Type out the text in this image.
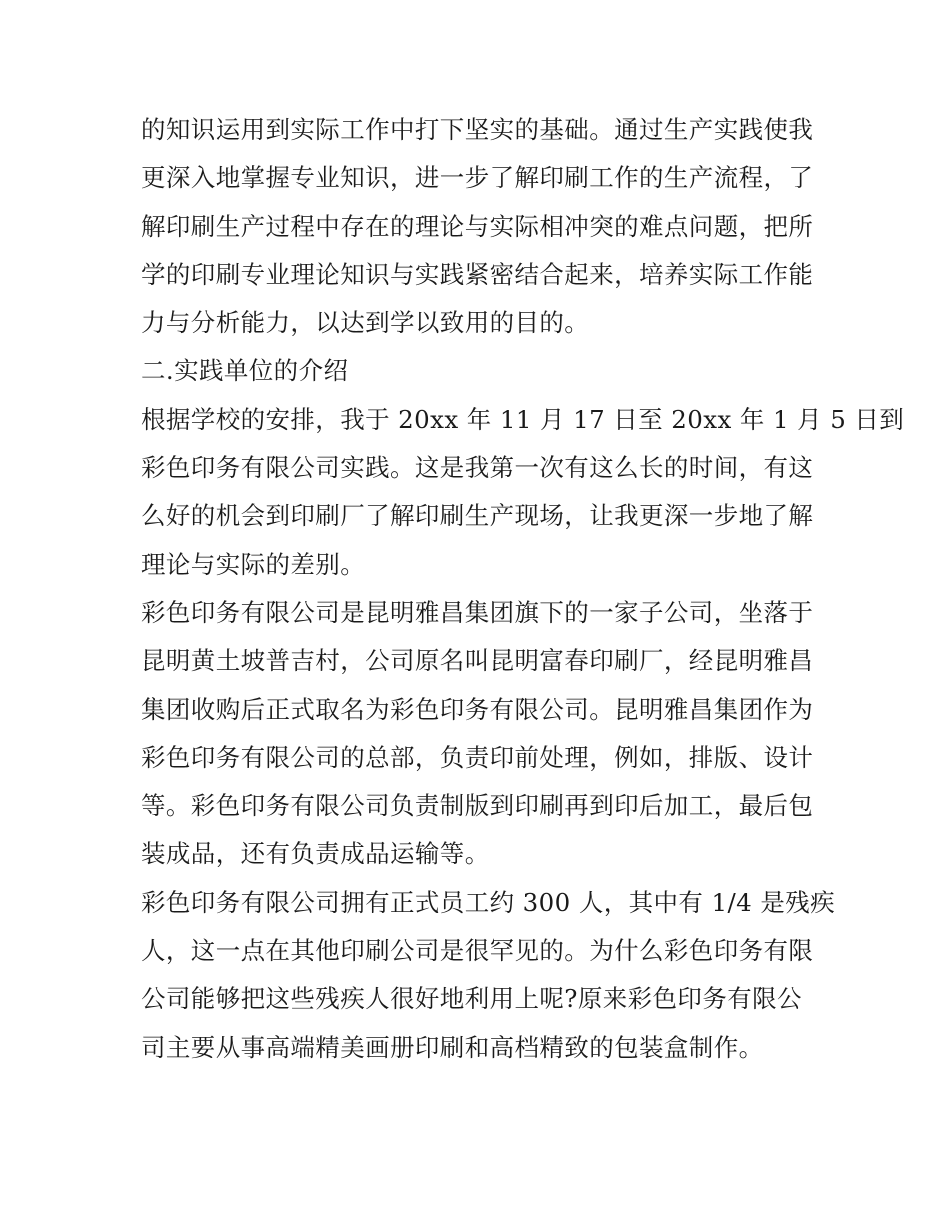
的知识运用到实际工作中打下坚实的基础。通过生产实践使我
更深入地掌握专业知识，进一步了解印刷工作的生产流程，了
解印刷生产过程中存在的理论与实际相冲突的难点问题，把所
学的印刷专业理论知识与实践紧密结合起来，培养实际工作能
力与分析能力，以达到学以致用的目的。
二.实践单位的介绍
根据学校的安排，我于 20xx 年 11 月 17 日至 20xx 年 1 月 5 日到
彩色印务有限公司实践。这是我第一次有这么长的时间，有这
么好的机会到印刷厂了解印刷生产现场，让我更深一步地了解
理论与实际的差别。
彩色印务有限公司是昆明雅昌集团旗下的一家子公司，坐落于
昆明黄土坡普吉村，公司原名叫昆明富春印刷厂，经昆明雅昌
集团收购后正式取名为彩色印务有限公司。昆明雅昌集团作为
彩色印务有限公司的总部，负责印前处理，例如，排版、设计
等。彩色印务有限公司负责制版到印刷再到印后加工，最后包
装成品，还有负责成品运输等。
彩色印务有限公司拥有正式员工约 300 人，其中有 1/4 是残疾
人，这一点在其他印刷公司是很罕见的。为什么彩色印务有限
公司能够把这些残疾人很好地利用上呢?原来彩色印务有限公
司主要从事高端精美画册印刷和高档精致的包装盒制作。
